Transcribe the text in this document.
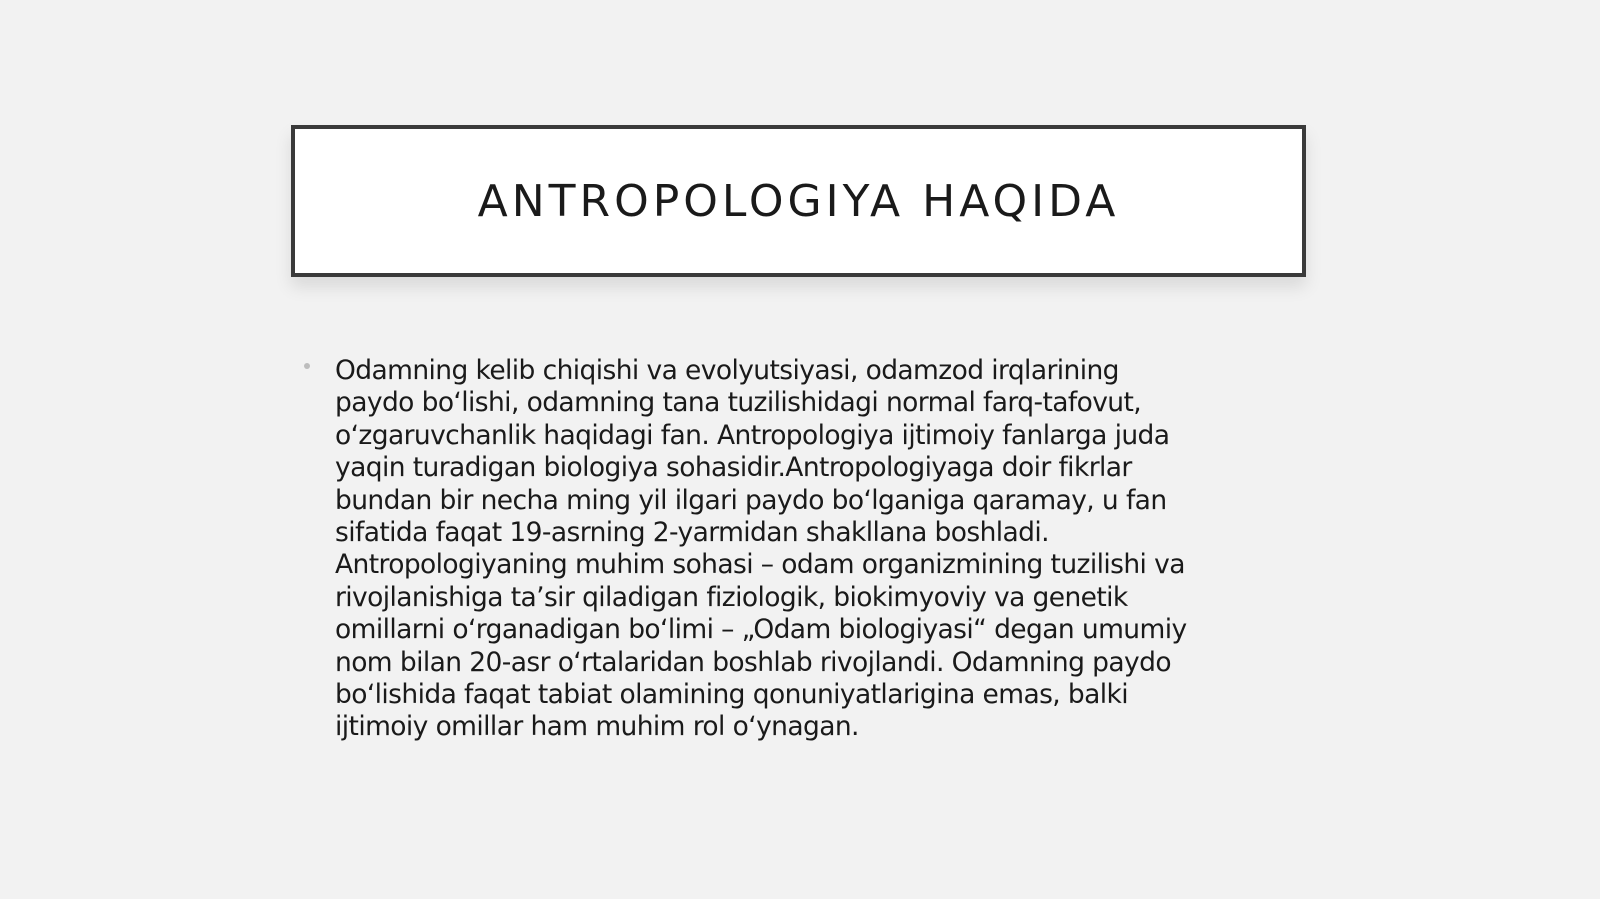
ANTROPOLOGIYA HAQIDA

Odamning kelib chiqishi va evolyutsiyasi, odamzod irqlarining
paydo boʻlishi, odamning tana tuzilishidagi normal farq-tafovut,
oʻzgaruvchanlik haqidagi fan. Antropologiya ijtimoiy fanlarga juda
yaqin turadigan biologiya sohasidir.Antropologiyaga doir fikrlar
bundan bir necha ming yil ilgari paydo boʻlganiga qaramay, u fan
sifatida faqat 19-asrning 2-yarmidan shakllana boshladi.
Antropologiyaning muhim sohasi – odam organizmining tuzilishi va
rivojlanishiga taʼsir qiladigan fiziologik, biokimyoviy va genetik
omillarni oʻrganadigan boʻlimi – „Odam biologiyasi“ degan umumiy
nom bilan 20-asr oʻrtalaridan boshlab rivojlandi. Odamning paydo
boʻlishida faqat tabiat olamining qonuniyatlarigina emas, balki
ijtimoiy omillar ham muhim rol oʻynagan.
